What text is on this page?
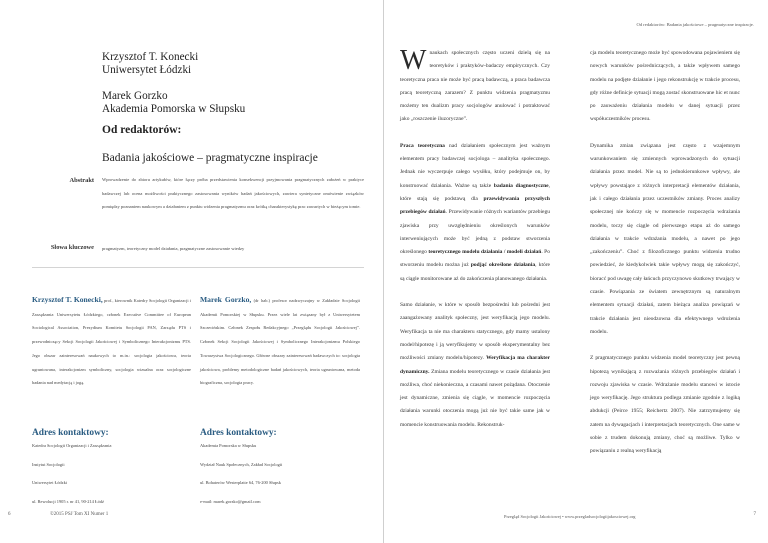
Krzysztof T. Konecki
Uniwersytet Łódzki
Marek Gorzko
Akademia Pomorska w Słupsku
Od redaktorów:
Badania jakościowe – pragmatyczne inspiracje
Abstrakt Wprowadzenie do zbioru artykułów, które łączy próba przedstawienia konsekwencji przyjmowania pragmatycznych założeń w praktyce badawczej lub ocena możliwości praktycznego zastosowania wyników badań jakościowych, zawiera syntetyczne omówienie związków pomiędzy poznaniem naukowym a działaniem z punktu widzenia pragmatyzmu oraz krótką charakterystykę prac zawartych w bieżącym tomie.
Słowa kluczowe pragmatyzm, teoretyczny model działania, pragmatyczne zastosowanie wiedzy
Krzysztof T. Konecki, prof., kierownik Katedry Socjologii Organizacji i Zarządzania Uniwersytetu Łódzkiego, członek Executive Committee of European Sociological Association, Prezydium Komitetu Socjologii PAN, Zarządu PTS i przewodniczący Sekcji Socjologii Jakościowej i Symbolicznego Interakcjonizmu PTS. Jego obszar zainteresowań naukowych to m.in.: socjologia jakościowa, teoria ugruntowana, interakcjonizm symboliczny, socjologia wizualna oraz socjologiczne badania nad medytacją i jogą.
Marek Gorzko, (dr hab.) profesor nadzwyczajny w Zakładzie Socjologii Akademii Pomorskiej w Słupsku. Przez wiele lat związany był z Uniwersytetem Szczecińskim. Członek Zespołu Redakcyjnego „Przeglądu Socjologii Jakościowej”. Członek Sekcji Socjologii Jakościowej i Symbolicznego Interakcjonizmu Polskiego Towarzystwa Socjologicznego. Główne obszary zainteresowań badawczych to: socjologia jakościowa, problemy metodologiczne badań jakościowych, teoria ugruntowana, metoda biograficzna, socjologia pracy.
Adres kontaktowy:	Adres kontaktowy:
Katedra Socjologii Organizacji i Zarządzania
Instytut Socjologii
Uniwersytet Łódzki
ul. Rewolucji 1905 r. nr 41, 90-214 Łódź
Akademia Pomorska w Słupsku
Wydział Nauk Społecznych, Zakład Socjologii
ul. Bohaterów Westerplatte 64, 76-200 Słupsk
e-mail: marek.gorzko@gmail.com
6	©2015 PSJ Tom XI Numer 1
Od redaktorów: Badania jakościowe – pragmatyczne inspiracje.

Wnaukach społecznych często uczeni dzielą się na teoretyków i praktyków-badaczy empirycznych. Czy teoretyczna praca nie może być pracą badawczą, a praca badawcza pracą teoretyczną zarazem? Z punktu widzenia pragmatyzmu możemy ten dualizm pracy socjologów anulować i potraktować jako „roszczenie iluzoryczne”.

Praca teoretyczna nad działaniem społecznym jest ważnym elementem pracy badawczej socjologa – analityka społecznego. Jednak nie wyczerpuje całego wysiłku, który podejmuje on, by konstruować działania. Ważne są także badania diagnostyczne, które stają się podstawą dla przewidywania przyszłych przebiegów działań. Przewidywanie różnych wariantów przebiegu zjawiska przy uwzględnieniu określonych warunków interweniujących może być jedną z podstaw stworzenia określonego teoretycznego modelu działania / modeli działań. Po stworzeniu modelu można już podjąć określone działania, które są ciągle monitorowane aż do zakończenia planowanego działania.

Samo działanie, w które w sposób bezpośredni lub pośredni jest zaangażowany analityk społeczny, jest weryfikacją jego modelu. Weryfikacja ta nie ma charakteru statycznego, gdy mamy ustalony model/hipotezę i ją weryfikujemy w sposób eksperymentalny bez możliwości zmiany modelu/hipotezy. Weryfikacja ma charakter dynamiczny. Zmiana modelu teoretycznego w czasie działania jest możliwa, choć niekonieczna, a czasami nawet pożądana. Otoczenie jest dynamiczne, zmienia się ciągle, w momencie rozpoczęcia działania warunki otoczenia mogą już nie być takie same jak w momencie konstruowania modelu. Rekonstruk-

cja modelu teoretycznego może być spowodowana pojawieniem się nowych warunków pośredniczących, a także wpływem samego modelu na podjęte działanie i jego rekonstrukcję w trakcie procesu, gdy różne definicje sytuacji mogą zostać skonstruowane hic et nunc po zauważeniu działania modelu w danej sytuacji przez współuczestników procesu.

Dynamika zmian związana jest często z wzajemnym warunkowaniem się zmiennych wprowadzonych do sytuacji działania przez model. Nie są to jednokierunkowe wpływy, ale wpływy powstające z różnych interpretacji elementów działania, jak i całego działania przez uczestników zmiany. Proces analizy społecznej nie kończy się w momencie rozpoczęcia wdrażania modelu, toczy się ciągle od pierwszego etapu aż do samego działania w trakcie wdrażania modelu, a nawet po jego „zakończeniu”. Choć z filozoficznego punktu widzenia trudno powiedzieć, że kiedykolwiek takie wpływy mogą się zakończyć, bioracć pod uwagę cały łańcuch przyczynowo skutkowy trwający w czasie. Powiązania ze światem zewnętrznym są naturalnym elementem sytuacji działań, zatem bieżąca analiza powiązań w trakcie działania jest nieodzowna dla efektywnego wdrożenia modelu.

Z pragmatycznego punktu widzenia model teoretyczny jest pewną hipotezą wynikającą z rozważania różnych przebiegów działań i rozwoju zjawiska w czasie. Wdrażanie modelu stanowi w istocie jego weryfikację. Jego struktura podlega zmianie zgodnie z logiką abdukcji (Peirce 1955; Reichertz 2007). Nie zatrzymujemy się zatem na dywagacjach i interpretacjach teoretycznych. One same w sobie z trudem dokonują zmiany, choć są możliwe. Tylko w powiązaniu z realną weryfikacją

Przegląd Socjologii Jakościowej • www.przegladsocjologiijakosciowej.org	7
